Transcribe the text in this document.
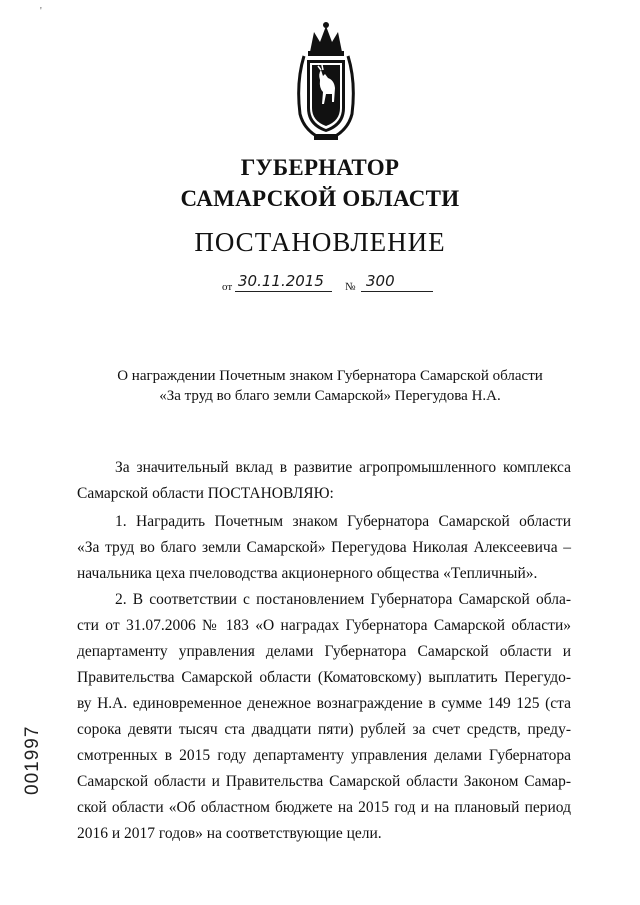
'
ГУБЕРНАТОР
САМАРСКОЙ ОБЛАСТИ
ПОСТАНОВЛЕНИЕ
от 30.11.2015 № 300
О награждении Почетным знаком Губернатора Самарской области
«За труд во благо земли Самарской» Перегудова Н.А.
За значительный вклад в развитие агропромышленного комплекса
Самарской области ПОСТАНОВЛЯЮ:
1. Наградить Почетным знаком Губернатора Самарской области
«За труд во благо земли Самарской» Перегудова Николая Алексеевича –
начальника цеха пчеловодства акционерного общества «Тепличный».
2. В соответствии с постановлением Губернатора Самарской обла-
сти от 31.07.2006 № 183 «О наградах Губернатора Самарской области»
департаменту управления делами Губернатора Самарской области и
Правительства Самарской области (Коматовскому) выплатить Перегудо-
ву Н.А. единовременное денежное вознаграждение в сумме 149 125 (ста
сорока девяти тысяч ста двадцати пяти) рублей за счет средств, преду-
смотренных в 2015 году департаменту управления делами Губернатора
Самарской области и Правительства Самарской области Законом Самар-
ской области «Об областном бюджете на 2015 год и на плановый период
2016 и 2017 годов» на соответствующие цели.
001997
